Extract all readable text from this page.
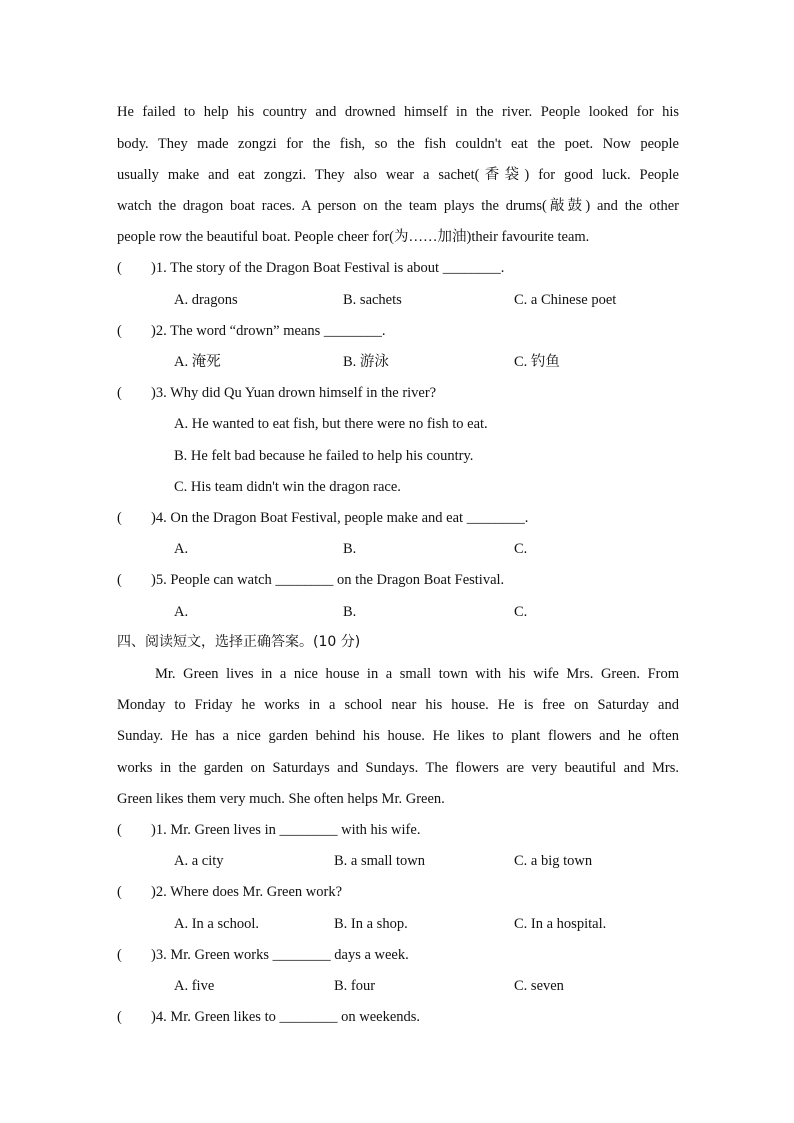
He failed to help his country and drowned himself in the river. People looked for his
body. They made zongzi for the fish, so the fish couldn't eat the poet. Now people
usually make and eat zongzi. They also wear a sachet(香袋) for good luck. People
watch the dragon boat races. A person on the team plays the drums(敲鼓) and the other
people row the beautiful boat. People cheer for(为……加油)their favourite team.
( )1. The story of the Dragon Boat Festival is about ________.
A. dragons	B. sachets	C. a Chinese poet
( )2. The word “drown” means ________.
A. 淹死	B. 游泳	C. 钓鱼
( )3. Why did Qu Yuan drown himself in the river?
A. He wanted to eat fish, but there were no fish to eat.
B. He felt bad because he failed to help his country.
C. His team didn't win the dragon race.
( )4. On the Dragon Boat Festival, people make and eat ________.
A.	B.	C.
( )5. People can watch ________ on the Dragon Boat Festival.
A.	B.	C.
四、阅读短文，选择正确答案。(10 分)
Mr. Green lives in a nice house in a small town with his wife Mrs. Green. From
Monday to Friday he works in a school near his house. He is free on Saturday and
Sunday. He has a nice garden behind his house. He likes to plant flowers and he often
works in the garden on Saturdays and Sundays. The flowers are very beautiful and Mrs.
Green likes them very much. She often helps Mr. Green.
( )1. Mr. Green lives in ________ with his wife.
A. a city	B. a small town	C. a big town
( )2. Where does Mr. Green work?
A. In a school.	B. In a shop.	C. In a hospital.
( )3. Mr. Green works ________ days a week.
A. five	B. four	C. seven
( )4. Mr. Green likes to ________ on weekends.
